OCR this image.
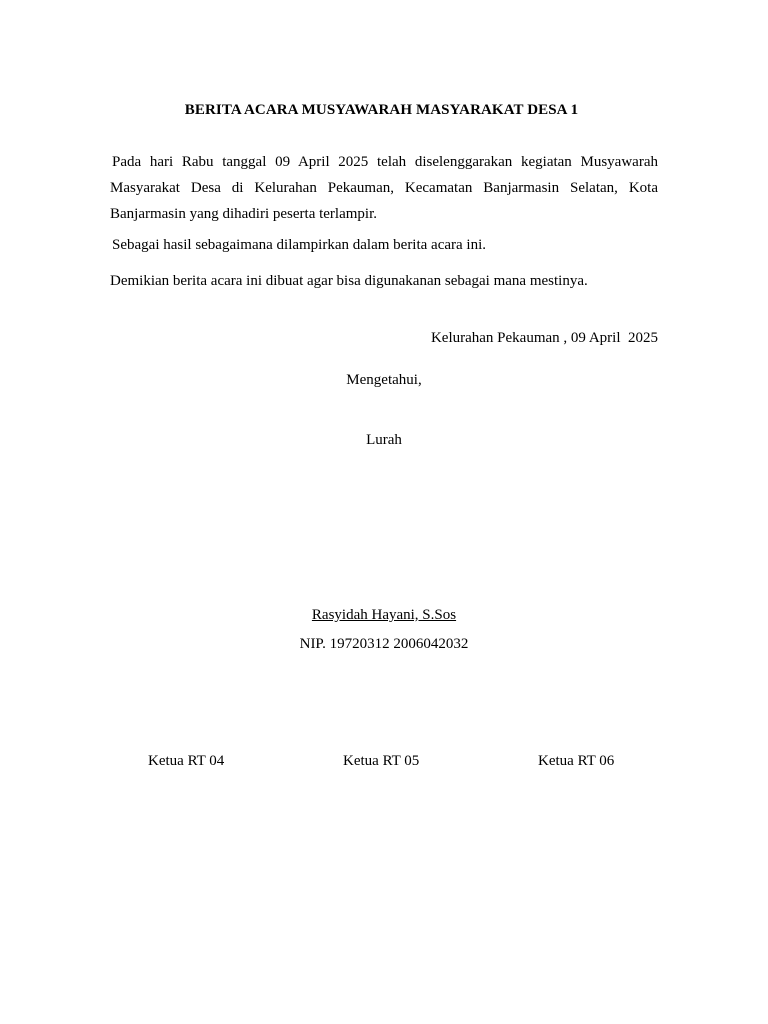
BERITA ACARA MUSYAWARAH MASYARAKAT DESA 1

Pada hari Rabu tanggal 09 April 2025 telah diselenggarakan kegiatan Musyawarah Masyarakat Desa di Kelurahan Pekauman, Kecamatan Banjarmasin Selatan, Kota Banjarmasin yang dihadiri peserta terlampir.

Sebagai hasil sebagaimana dilampirkan dalam berita acara ini.

Demikian berita acara ini dibuat agar bisa digunakanan sebagai mana mestinya.

Kelurahan Pekauman , 09 April  2025

Mengetahui,

Lurah

Rasyidah Hayani, S.Sos

NIP. 19720312 2006042032

Ketua RT 04	Ketua RT 05	Ketua RT 06
